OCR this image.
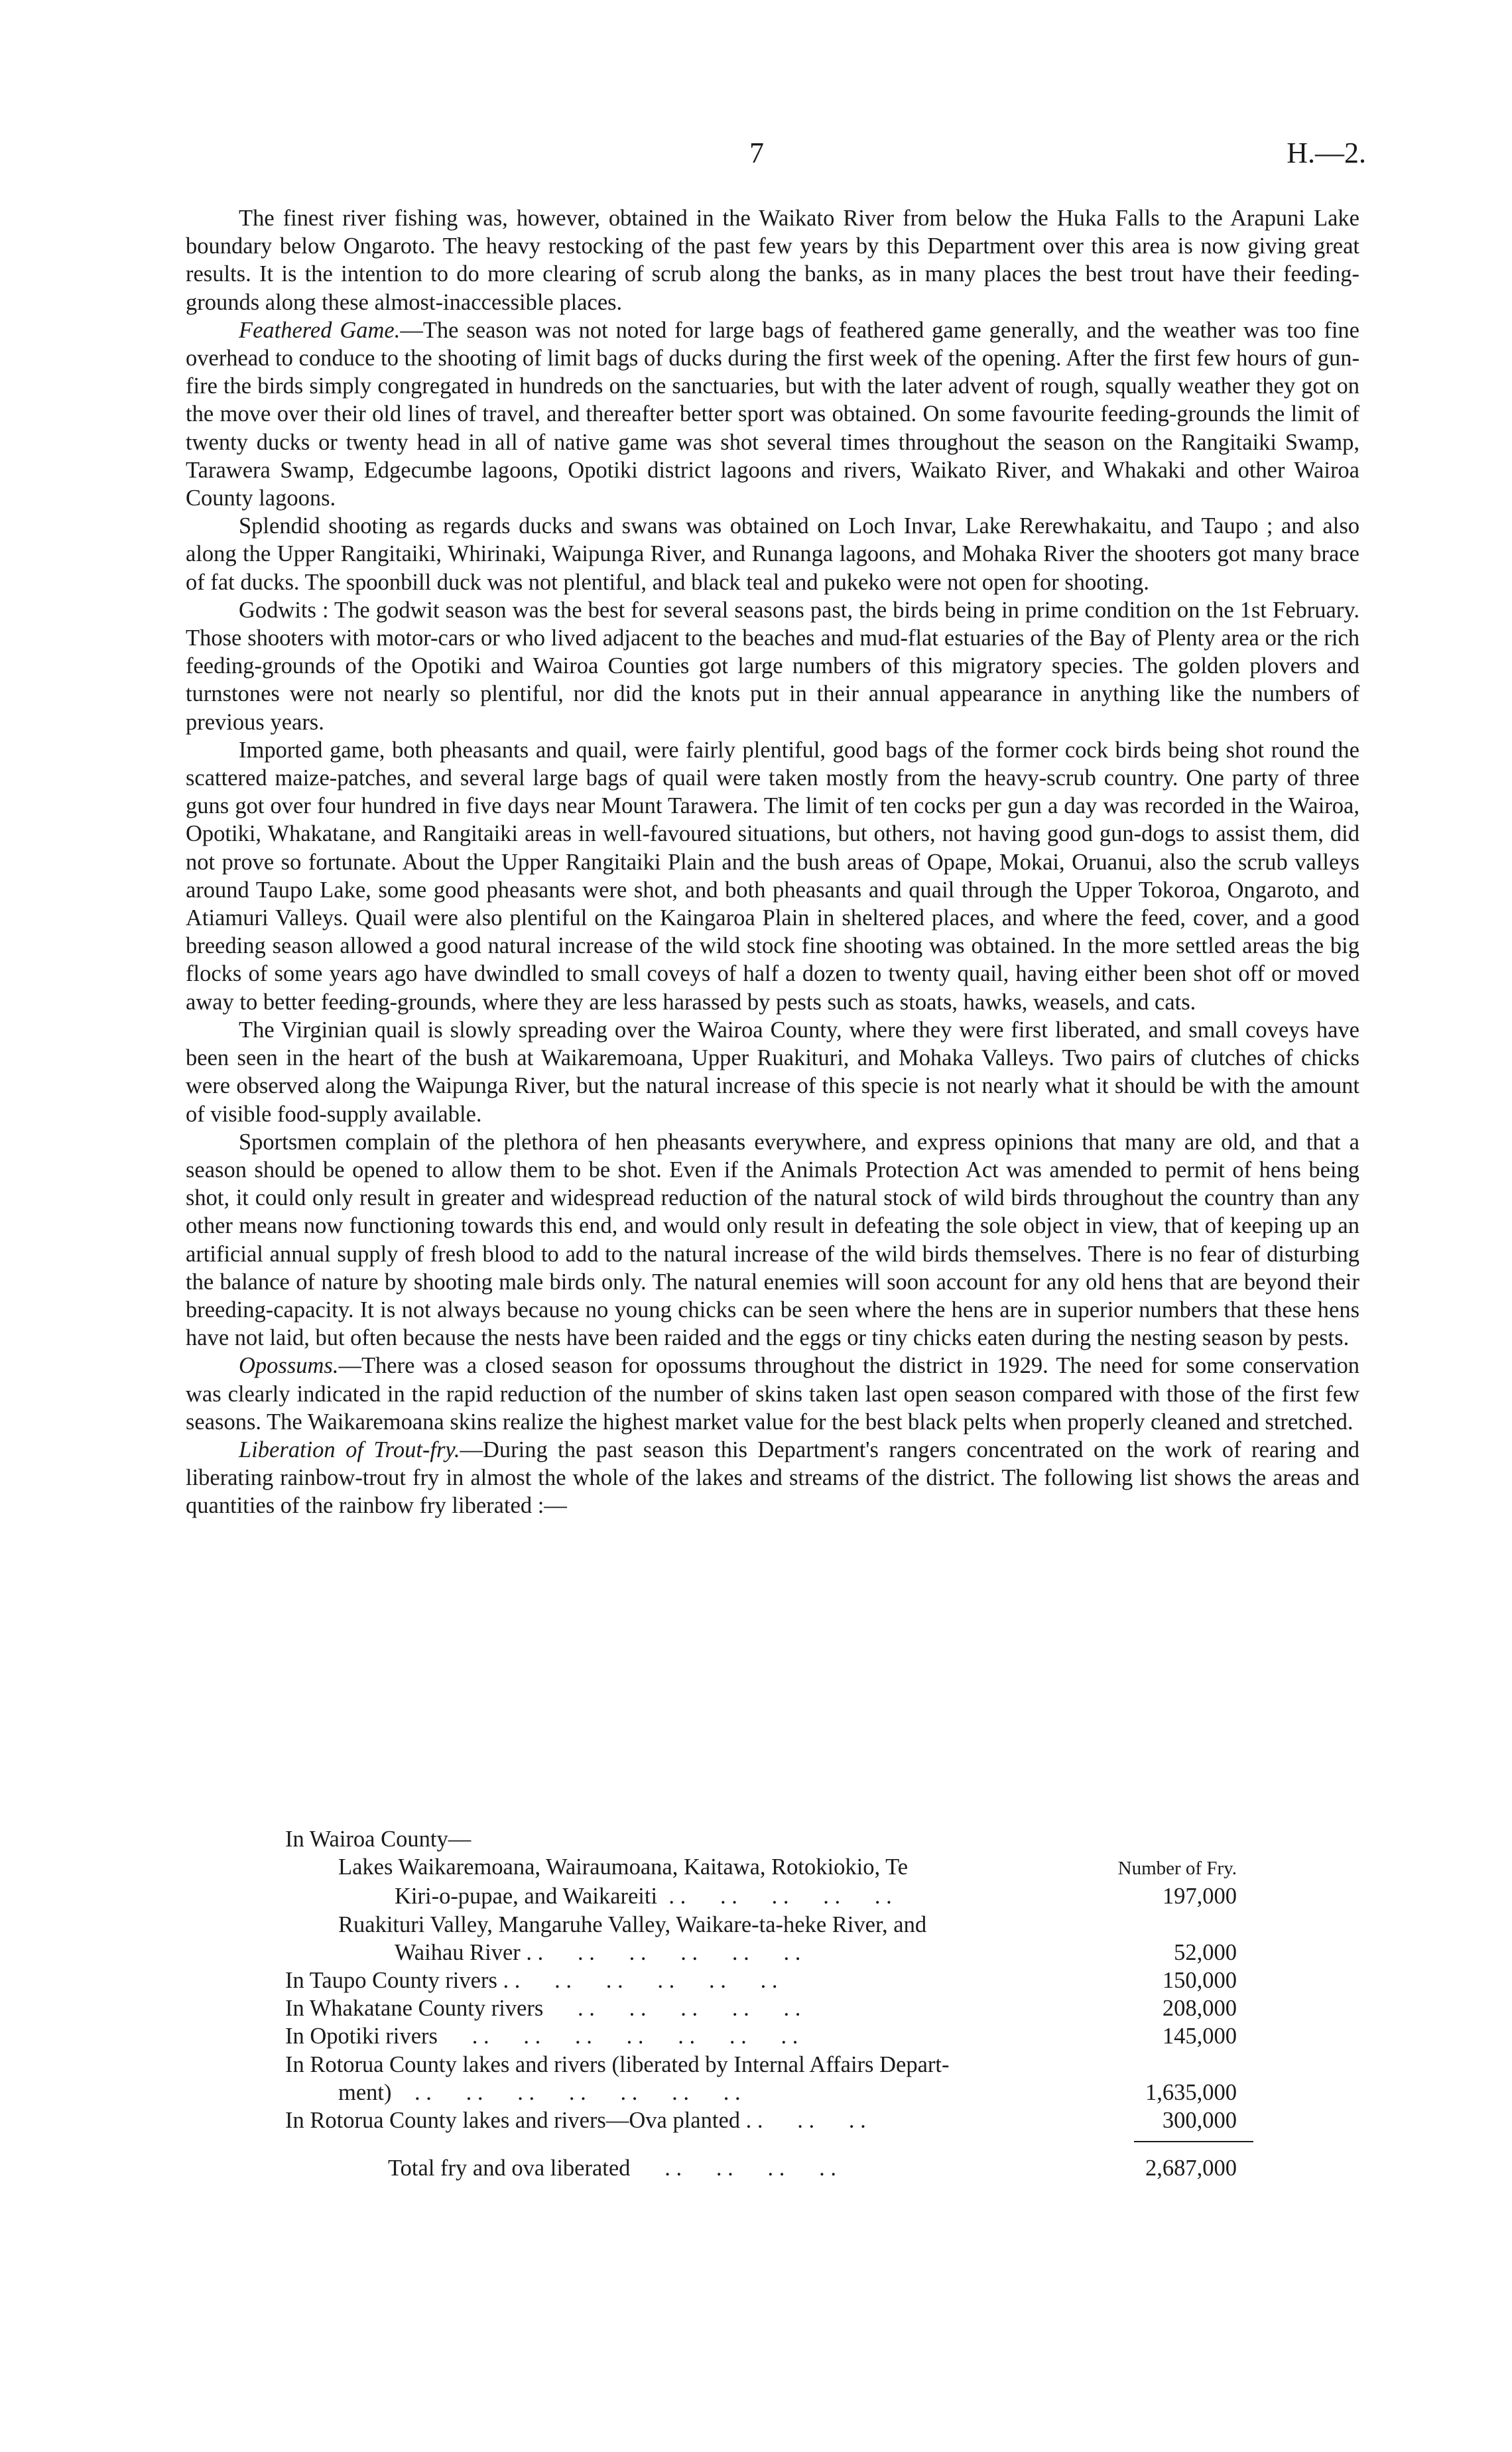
7	H.—2.

The finest river fishing was, however, obtained in the Waikato River from below the Huka Falls to the Arapuni Lake boundary below Ongaroto. The heavy restocking of the past few years by this Department over this area is now giving great results. It is the intention to do more clearing of scrub along the banks, as in many places the best trout have their feeding-grounds along these almost-inaccessible places.

Feathered Game.—The season was not noted for large bags of feathered game generally, and the weather was too fine overhead to conduce to the shooting of limit bags of ducks during the first week of the opening. After the first few hours of gun-fire the birds simply congregated in hundreds on the sanctuaries, but with the later advent of rough, squally weather they got on the move over their old lines of travel, and thereafter better sport was obtained. On some favourite feeding-grounds the limit of twenty ducks or twenty head in all of native game was shot several times throughout the season on the Rangitaiki Swamp, Tarawera Swamp, Edgecumbe lagoons, Opotiki district lagoons and rivers, Waikato River, and Whakaki and other Wairoa County lagoons.

Splendid shooting as regards ducks and swans was obtained on Loch Invar, Lake Rerewhakaitu, and Taupo ; and also along the Upper Rangitaiki, Whirinaki, Waipunga River, and Runanga lagoons, and Mohaka River the shooters got many brace of fat ducks. The spoonbill duck was not plentiful, and black teal and pukeko were not open for shooting.

Godwits : The godwit season was the best for several seasons past, the birds being in prime condition on the 1st February. Those shooters with motor-cars or who lived adjacent to the beaches and mud-flat estuaries of the Bay of Plenty area or the rich feeding-grounds of the Opotiki and Wairoa Counties got large numbers of this migratory species. The golden plovers and turnstones were not nearly so plentiful, nor did the knots put in their annual appearance in anything like the numbers of previous years.

Imported game, both pheasants and quail, were fairly plentiful, good bags of the former cock birds being shot round the scattered maize-patches, and several large bags of quail were taken mostly from the heavy-scrub country. One party of three guns got over four hundred in five days near Mount Tarawera. The limit of ten cocks per gun a day was recorded in the Wairoa, Opotiki, Whakatane, and Rangitaiki areas in well-favoured situations, but others, not having good gun-dogs to assist them, did not prove so fortunate. About the Upper Rangitaiki Plain and the bush areas of Opape, Mokai, Oruanui, also the scrub valleys around Taupo Lake, some good pheasants were shot, and both pheasants and quail through the Upper Tokoroa, Ongaroto, and Atiamuri Valleys. Quail were also plentiful on the Kaingaroa Plain in sheltered places, and where the feed, cover, and a good breeding season allowed a good natural increase of the wild stock fine shooting was obtained. In the more settled areas the big flocks of some years ago have dwindled to small coveys of half a dozen to twenty quail, having either been shot off or moved away to better feeding-grounds, where they are less harassed by pests such as stoats, hawks, weasels, and cats.

The Virginian quail is slowly spreading over the Wairoa County, where they were first liberated, and small coveys have been seen in the heart of the bush at Waikaremoana, Upper Ruakituri, and Mohaka Valleys. Two pairs of clutches of chicks were observed along the Waipunga River, but the natural increase of this specie is not nearly what it should be with the amount of visible food-supply available.

Sportsmen complain of the plethora of hen pheasants everywhere, and express opinions that many are old, and that a season should be opened to allow them to be shot. Even if the Animals Protection Act was amended to permit of hens being shot, it could only result in greater and widespread reduction of the natural stock of wild birds throughout the country than any other means now functioning towards this end, and would only result in defeating the sole object in view, that of keeping up an artificial annual supply of fresh blood to add to the natural increase of the wild birds themselves. There is no fear of disturbing the balance of nature by shooting male birds only. The natural enemies will soon account for any old hens that are beyond their breeding-capacity. It is not always because no young chicks can be seen where the hens are in superior numbers that these hens have not laid, but often because the nests have been raided and the eggs or tiny chicks eaten during the nesting season by pests.

Opossums.—There was a closed season for opossums throughout the district in 1929. The need for some conservation was clearly indicated in the rapid reduction of the number of skins taken last open season compared with those of the first few seasons. The Waikaremoana skins realize the highest market value for the best black pelts when properly cleaned and stretched.

Liberation of Trout-fry.—During the past season this Department's rangers concentrated on the work of rearing and liberating rainbow-trout fry in almost the whole of the lakes and streams of the district. The following list shows the areas and quantities of the rainbow fry liberated :—

In Wairoa County—
Lakes Waikaremoana, Wairaumoana, Kaitawa, Rotokiokio, Te	Number of Fry.
Kiri-o-pupae, and Waikareiti  . .      . .      . .      . .      . .	197,000
Ruakituri Valley, Mangaruhe Valley, Waikare-ta-heke River, and
Waihau River . .      . .      . .      . .      . .      . .	52,000
In Taupo County rivers . .      . .      . .      . .      . .      . .	150,000
In Whakatane County rivers      . .      . .      . .      . .      . .	208,000
In Opotiki rivers      . .      . .      . .      . .      . .      . .      . .	145,000
In Rotorua County lakes and rivers (liberated by Internal Affairs Depart-
ment)    . .      . .      . .      . .      . .      . .      . .	1,635,000
In Rotorua County lakes and rivers—Ova planted . .      . .      . .	300,000
Total fry and ova liberated      . .      . .      . .      . .	2,687,000
